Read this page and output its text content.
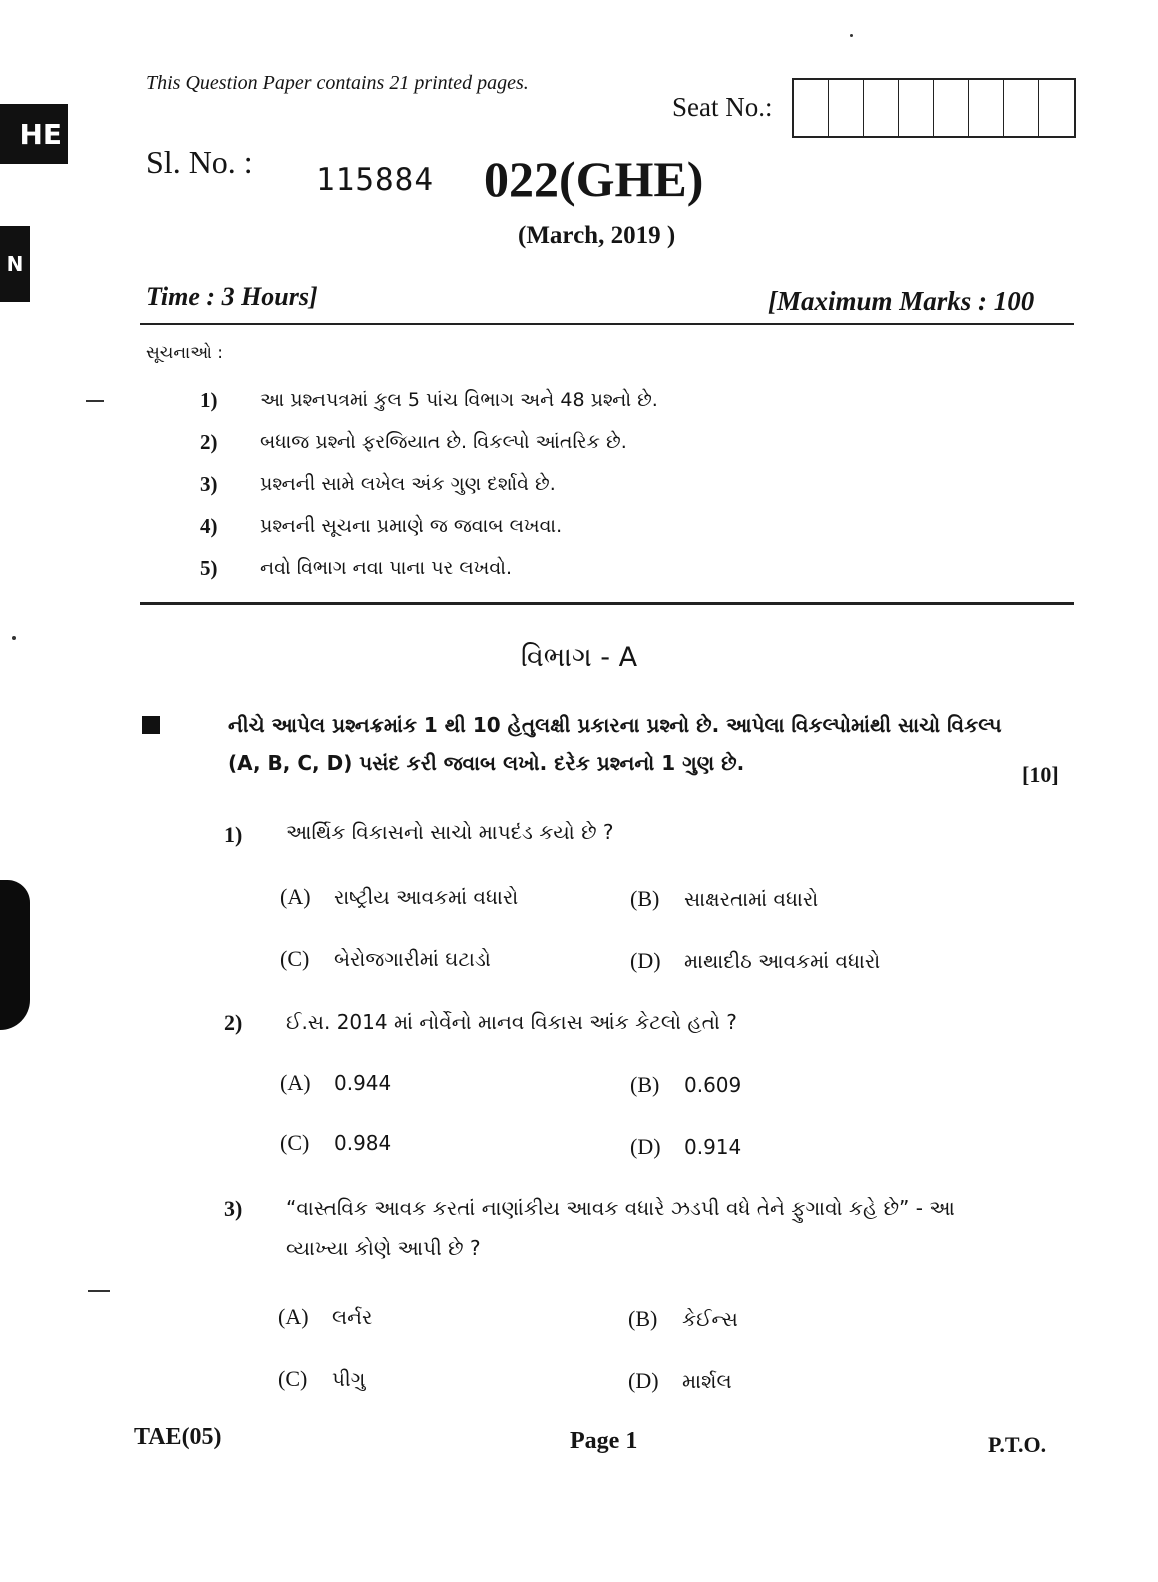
HE
N
This Question Paper contains 21 printed pages.
Seat No.:
Sl. No. : 115884 022(GHE)
(March, 2019 )
Time : 3 Hours]	[Maximum Marks : 100
સૂચનાઓ :
1)	આ પ્રશ્નપત્રમાં કુલ 5 પાંચ વિભાગ અને 48 પ્રશ્નો છે.
2)	બધાજ પ્રશ્નો ફરજિયાત છે. વિકલ્પો આંતરિક છે.
3)	પ્રશ્નની સામે લખેલ અંક ગુણ દર્શાવે છે.
4)	પ્રશ્નની સૂચના પ્રમાણે જ જવાબ લખવા.
5)	નવો વિભાગ નવા પાના પર લખવો.
વિભાગ - A
નીચે આપેલ પ્રશ્નક્રમાંક 1 થી 10 હેતુલક્ષી પ્રકારના પ્રશ્નો છે. આપેલા વિકલ્પોમાંથી સાચો વિકલ્પ (A, B, C, D) પસંદ કરી જવાબ લખો. દરેક પ્રશ્નનો 1 ગુણ છે.	[10]
1) આર્થિક વિકાસનો સાચો માપદંડ કયો છે ?
(A)	રાષ્ટ્રીય આવકમાં વધારો	(B)	સાક્ષરતામાં વધારો
(C)	બેરોજગારીમાં ઘટાડો	(D)	માથાદીઠ આવકમાં વધારો
2) ઈ.સ. 2014 માં નોર્વેનો માનવ વિકાસ આંક કેટલો હતો ?
(A)	0.944	(B)	0.609
(C)	0.984	(D)	0.914
3) “વાસ્તવિક આવક કરતાં નાણાંકીય આવક વધારે ઝડપી વધે તેને ફુગાવો કહે છે” - આ વ્યાખ્યા કોણે આપી છે ?
(A)	લર્નર	(B)	કેઈન્સ
(C)	પીગુ	(D)	માર્શલ
TAE(05)	Page 1	P.T.O.
